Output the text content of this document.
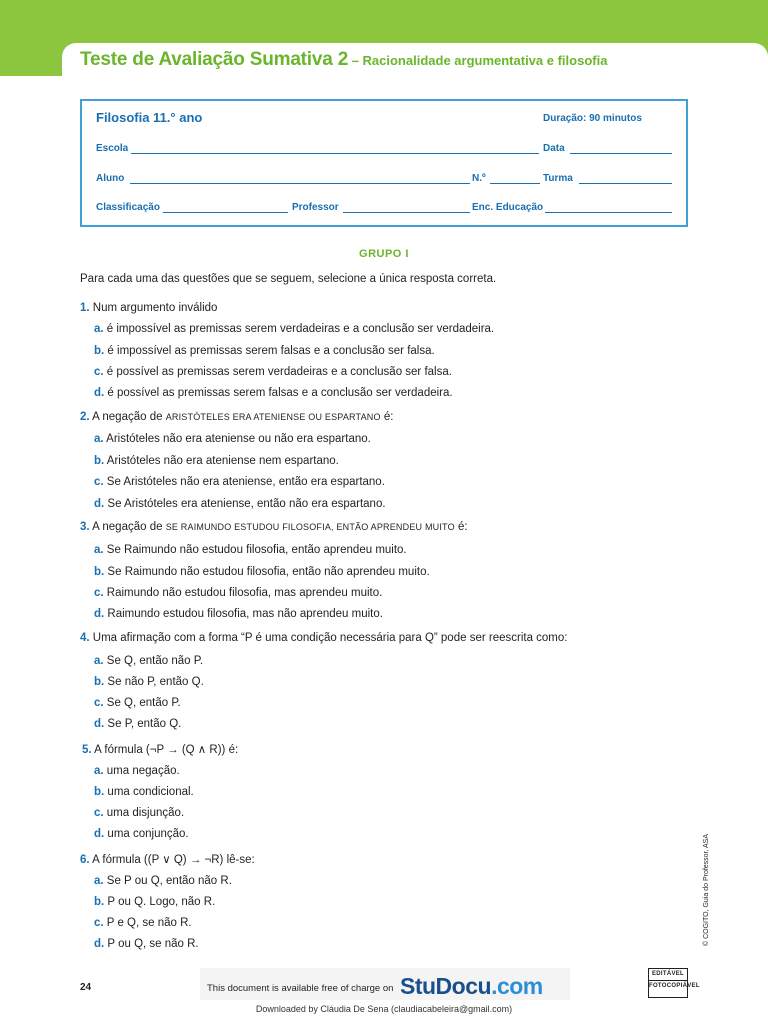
Teste de Avaliação Sumativa 2 – Racionalidade argumentativa e filosofia
Filosofia 11.° ano	Duração: 90 minutos
Escola	Data
Aluno	N.º	Turma
Classificação	Professor	Enc. Educação
GRUPO I
Para cada uma das questões que se seguem, selecione a única resposta correta.
1. Num argumento inválido
a. é impossível as premissas serem verdadeiras e a conclusão ser verdadeira.
b. é impossível as premissas serem falsas e a conclusão ser falsa.
c. é possível as premissas serem verdadeiras e a conclusão ser falsa.
d. é possível as premissas serem falsas e a conclusão ser verdadeira.
2. A negação de ARISTÓTELES ERA ATENIENSE OU ESPARTANO é:
a. Aristóteles não era ateniense ou não era espartano.
b. Aristóteles não era ateniense nem espartano.
c. Se Aristóteles não era ateniense, então era espartano.
d. Se Aristóteles era ateniense, então não era espartano.
3. A negação de SE RAIMUNDO ESTUDOU FILOSOFIA, ENTÃO APRENDEU MUITO é:
a. Se Raimundo não estudou filosofia, então aprendeu muito.
b. Se Raimundo não estudou filosofia, então não aprendeu muito.
c. Raimundo não estudou filosofia, mas aprendeu muito.
d. Raimundo estudou filosofia, mas não aprendeu muito.
4. Uma afirmação com a forma “P é uma condição necessária para Q” pode ser reescrita como:
a. Se Q, então não P.
b. Se não P, então Q.
c. Se Q, então P.
d. Se P, então Q.
5. A fórmula (¬P → (Q ∧ R)) é:
a. uma negação.
b. uma condicional.
c. uma disjunção.
d. uma conjunção.
6. A fórmula ((P ∨ Q) → ¬R) lê-se:
a. Se P ou Q, então não R.
b. P ou Q. Logo, não R.
c. P e Q, se não R.
d. P ou Q, se não R.	© COGITO, Guia do Professor, ASA
24	This document is available free of charge on StuDocu.com	EDITÁVEL
FOTOCOPIÁVEL
Downloaded by Cláudia De Sena (claudiacabeleira@gmail.com)
